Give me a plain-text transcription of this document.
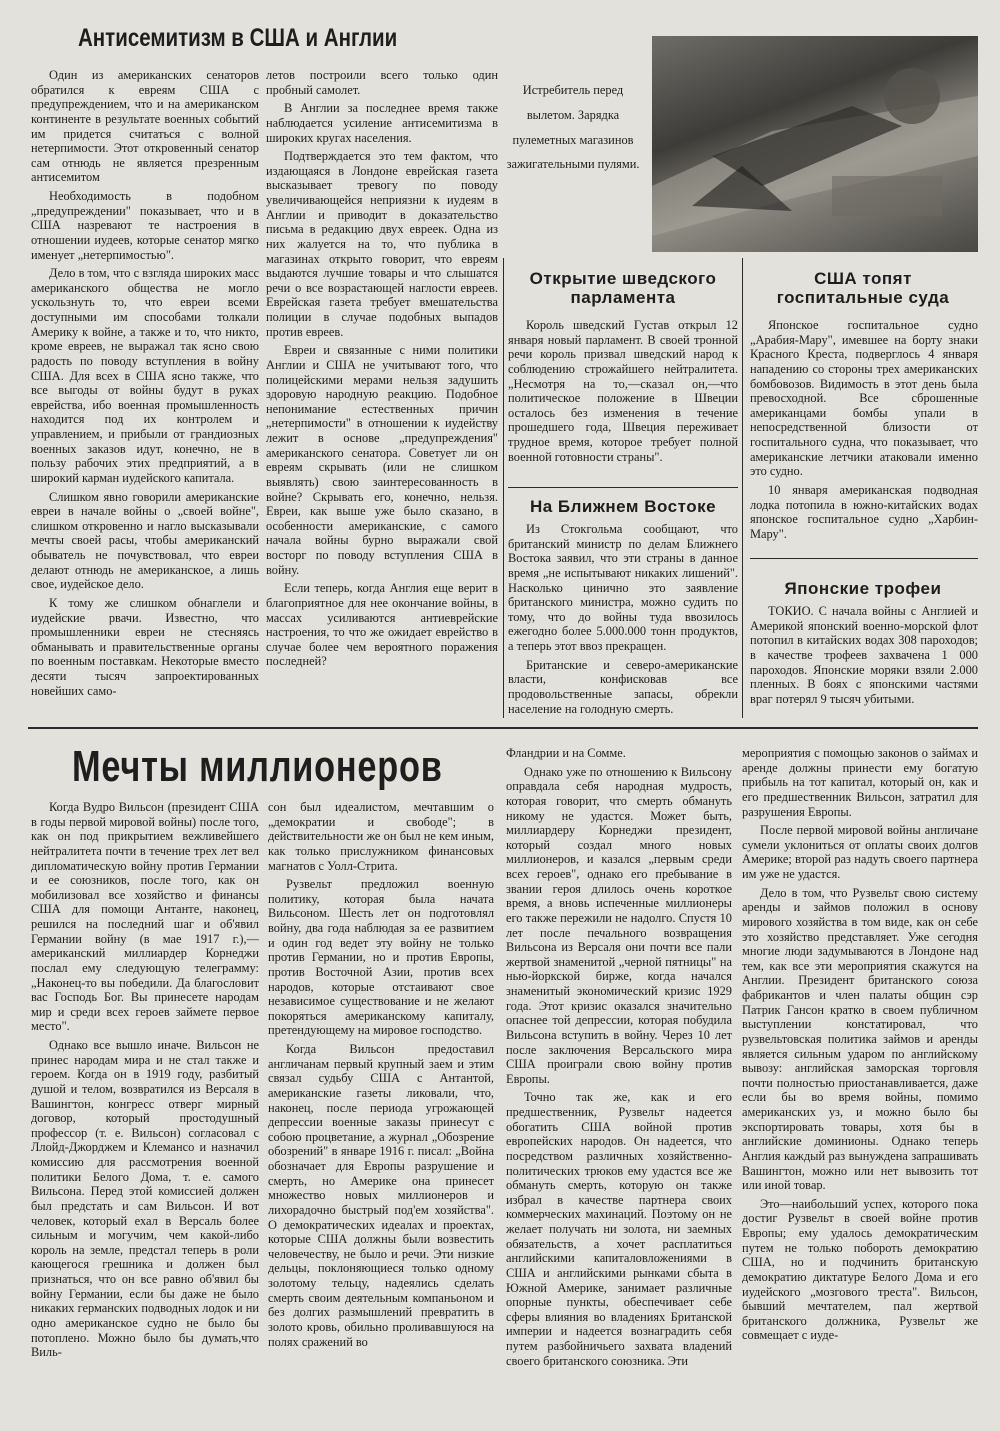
Антисемитизм в США и Англии

Один из американских сенаторов обратился к евреям США с предупреждением, что и на американском континенте в результате военных событий им придется считаться с волной нетерпимости. Этот откровенный сенатор сам отнюдь не является презренным антисемитом

Необходимость в подобном „предупреждении" показывает, что и в США назревают те настроения в отношении иудеев, которые сенатор мягко именует „нетерпимостью".

Дело в том, что с взгляда широких масс американского общества не могло ускользнуть то, что евреи всеми доступными им способами толкали Америку к войне, а также и то, что никто, кроме евреев, не выражал так ясно свою радость по поводу вступления в войну США. Для всех в США ясно также, что все выгоды от войны будут в руках еврейства, ибо военная промышленность находится под их контролем и управлением, и прибыли от грандиозных военных заказов идут, конечно, не в пользу рабочих этих предприятий, а в широкий карман иудейского капитала.

Слишком явно говорили американские евреи в начале войны о „своей войне", слишком откровенно и нагло высказывали мечты своей расы, чтобы американский обыватель не почувствовал, что евреи делают отнюдь не американское, а лишь свое, иудейское дело.

К тому же слишком обнаглели и иудейские рвачи. Известно, что промышленники евреи не стесняясь обманывать и правительственные органы по военным поставкам. Некоторые вместо десяти тысяч запроектированных новейших само-

летов построили всего только один пробный самолет.

В Англии за последнее время также наблюдается усиление антисемитизма в широких кругах населения.

Подтверждается это тем фактом, что издающаяся в Лондоне еврейская газета высказывает тревогу по поводу увеличивающейся неприязни к иудеям в Англии и приводит в доказательство письма в редакцию двух евреек. Одна из них жалуется на то, что публика в магазинах открыто говорит, что евреям выдаются лучшие товары и что слышатся речи о все возрастающей наглости евреев. Еврейская газета требует вмешательства полиции в случае подобных выпадов против евреев.

Евреи и связанные с ними политики Англии и США не учитывают того, что полицейскими мерами нельзя задушить здоровую народную реакцию. Подобное непонимание естественных причин „нетерпимости" в отношении к иудейству лежит в основе „предупреждения" американского сенатора. Советует ли он евреям скрывать (или не слишком выявлять) свою заинтересованность в войне? Скрывать его, конечно, нельзя. Евреи, как выше уже было сказано, в особенности американские, с самого начала войны бурно выражали свой восторг по поводу вступления США в войну.

Если теперь, когда Англия еще верит в благоприятное для нее окончание войны, в массах усиливаются антиеврейские настроения, то что же ожидает еврейство в случае более чем вероятного поражения последней?

Истребитель перед вылетом. Зарядка пулеметных магазинов зажигательными пулями.
Открытие шведского парламента

Король шведский Густав открыл 12 января новый парламент. В своей тронной речи король призвал шведский народ к соблюдению строжайшего нейтралитета. „Несмотря на то,—сказал он,—что политическое положение в Швеции осталось без изменения в течение прошедшего года, Швеция переживает трудное время, которое требует полной военной готовности страны".

На Ближнем Востоке

Из Стокгольма сообщают, что британский министр по делам Ближнего Востока заявил, что эти страны в данное время „не испытывают никаких лишений". Насколько цинично это заявление британского министра, можно судить по тому, что до войны туда ввозилось ежегодно более 5.000.000 тонн продуктов, а теперь этот ввоз прекращен.

Британские и северо-американские власти, конфисковав все продовольственные запасы, обрекли население на голодную смерть.

США топят госпитальные суда

Японское госпитальное судно „Арабия-Мару", имевшее на борту знаки Красного Креста, подверглось 4 января нападению со стороны трех американских бомбовозов. Видимость в этот день была превосходной. Все сброшенные американцами бомбы упали в непосредственной близости от госпитального судна, что показывает, что американские летчики атаковали именно это судно.

10 января американская подводная лодка потопила в южно-китайских водах японское госпитальное судно „Харбин-Мару".

Японские трофеи

ТОКИО. С начала войны с Англией и Америкой японский военно-морской флот потопил в китайских водах 308 пароходов; в качестве трофеев захвачена 1 000 пароходов. Японские моряки взяли 2.000 пленных. В боях с японскими частями враг потерял 9 тысяч убитыми.

Мечты миллионеров

Когда Вудро Вильсон (президент США в годы первой мировой войны) после того, как он под прикрытием вежливейшего нейтралитета почти в течение трех лет вел дипломатическую войну против Германии и ее союзников, после того, как он мобилизовал все хозяйство и финансы США для помощи Антанте, наконец, решился на последний шаг и об'явил Германии войну (в мае 1917 г.),—американский миллиардер Корнеджи послал ему следующую телеграмму: „Наконец-то вы победили. Да благословит вас Господь Бог. Вы принесете народам мир и среди всех героев займете первое место".

Однако все вышло иначе. Вильсон не принес народам мира и не стал также и героем. Когда он в 1919 году, разбитый душой и телом, возвратился из Версаля в Вашингтон, конгресс отверг мирный договор, который простодушный профессор (т. е. Вильсон) согласовал с Ллойд-Джорджем и Клемансо и назначил комиссию для рассмотрения военной политики Белого Дома, т. е. самого Вильсона. Перед этой комиссией должен был предстать и сам Вильсон. И вот человек, который ехал в Версаль более сильным и могучим, чем какой-либо король на земле, предстал теперь в роли кающегося грешника и должен был признаться, что он все равно об'явил бы войну Германии, если бы даже не было никаких германских подводных лодок и ни одно американское судно не было бы потоплено. Можно было бы думать,что Виль-

сон был идеалистом, мечтавшим о „демократии и свободе"; в действительности же он был не кем иным, как только прислужником финансовых магнатов с Уолл-Стрита.

Рузвельт предложил военную политику, которая была начата Вильсоном. Шесть лет он подготовлял войну, два года наблюдая за ее развитием и один год ведет эту войну не только против Германии, но и против Европы, против Восточной Азии, против всех народов, которые отстаивают свое независимое существование и не желают покоряться американскому капиталу, претендующему на мировое господство.

Когда Вильсон предоставил англичанам первый крупный заем и этим связал судьбу США с Антантой, американские газеты ликовали, что, наконец, после периода угрожающей депрессии военные заказы принесут с собою процветание, а журнал „Обозрение обозрений" в январе 1916 г. писал: „Война обозначает для Европы разрушение и смерть, но Америке она принесет множество новых миллионеров и лихорадочно быстрый под'ем хозяйства". О демократических идеалах и проектах, которые США должны были возвестить человечеству, не было и речи. Эти низкие дельцы, поклоняющиеся только одному золотому тельцу, надеялись сделать смерть своим деятельным компаньоном и без долгих размышлений превратить в золото кровь, обильно проливавшуюся на полях сражений во

Фландрии и на Сомме.

Однако уже по отношению к Вильсону оправдала себя народная мудрость, которая говорит, что смерть обмануть никому не удастся. Может быть, миллиардеру Корнеджи президент, который создал много новых миллионеров, и казался „первым среди всех героев", однако его пребывание в звании героя длилось очень короткое время, а вновь испеченные миллионеры его также пережили не надолго. Спустя 10 лет после печального возвращения Вильсона из Версаля они почти все пали жертвой знаменитой „черной пятницы" на нью-йоркской бирже, когда начался знаменитый экономический кризис 1929 года. Этот кризис оказался значительно опаснее той депрессии, которая побудила Вильсона вступить в войну. Через 10 лет после заключения Версальского мира США проиграли свою войну против Европы.

Точно так же, как и его предшественник, Рузвельт надеется обогатить США войной против европейских народов. Он надеется, что посредством различных хозяйственно-политических трюков ему удастся все же обмануть смерть, которую он также избрал в качестве партнера своих коммерческих махинаций. Поэтому он не желает получать ни золота, ни заемных обязательств, а хочет расплатиться английскими капиталовложениями в США и английскими рынками сбыта в Южной Америке, занимает различные опорные пункты, обеспечивает себе сферы влияния во владениях Британской империи и надеется вознаградить себя путем разбойничьего захвата владений своего британского союзника. Эти

мероприятия с помощью законов о займах и аренде должны принести ему богатую прибыль на тот капитал, который он, как и его предшественник Вильсон, затратил для разрушения Европы.

После первой мировой войны англичане сумели уклониться от оплаты своих долгов Америке; второй раз надуть своего партнера им уже не удастся.

Дело в том, что Рузвельт свою систему аренды и займов положил в основу мирового хозяйства в том виде, как он себе это хозяйство представляет. Уже сегодня многие люди задумываются в Лондоне над тем, как все эти мероприятия скажутся на Англии. Президент британского союза фабрикантов и член палаты общин сэр Патрик Гансон кратко в своем публичном выступлении констатировал, что рузвельтовская политика займов и аренды является сильным ударом по английскому вывозу: английская заморская торговля почти полностью приостанавливается, даже если бы во время войны, помимо американских уз, и можно было бы экспортировать товары, хотя бы в английские доминионы. Однако теперь Англия каждый раз вынуждена запрашивать Вашингтон, можно или нет вывозить тот или иной товар.

Это—наибольший успех, которого пока достиг Рузвельт в своей войне против Европы; ему удалось демократическим путем не только побороть демократию США, но и подчинить британскую демократию диктатуре Белого Дома и его иудейского „мозгового треста". Вильсон, бывший мечтателем, пал жертвой британского должника, Рузвельт же совмещает с иуде-
